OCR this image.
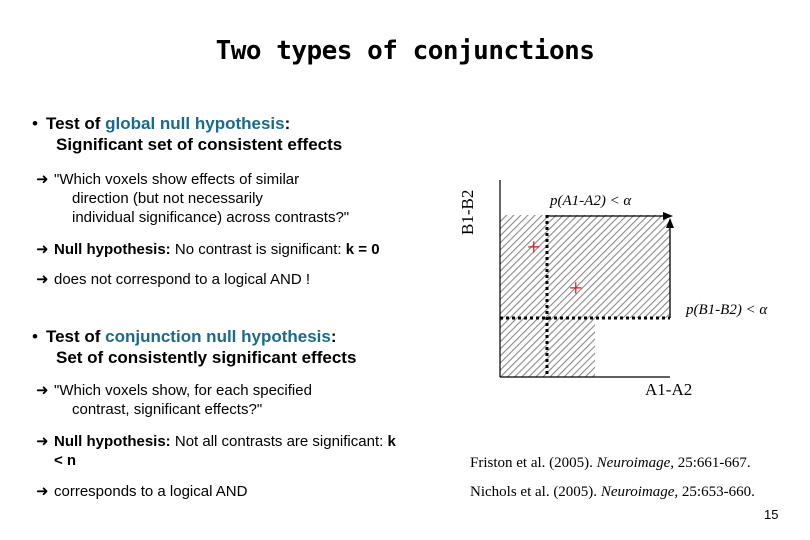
Two types of conjunctions
• Test of global null hypothesis:
Significant set of consistent effects
➜ "Which voxels show effects of similar
direction (but not necessarily
individual significance) across contrasts?"
➜ Null hypothesis: No contrast is significant: k = 0
➜ does not correspond to a logical AND !
• Test of conjunction null hypothesis:
Set of consistently significant effects
➜ "Which voxels show, for each specified
contrast, significant effects?"
➜ Null hypothesis: Not all contrasts are significant: k
< n
➜ corresponds to a logical AND
B1-B2
A1-A2
p(A1-A2) < α
p(B1-B2) < α
+
+
Friston et al. (2005). Neuroimage, 25:661-667.
Nichols et al. (2005). Neuroimage, 25:653-660.
15
